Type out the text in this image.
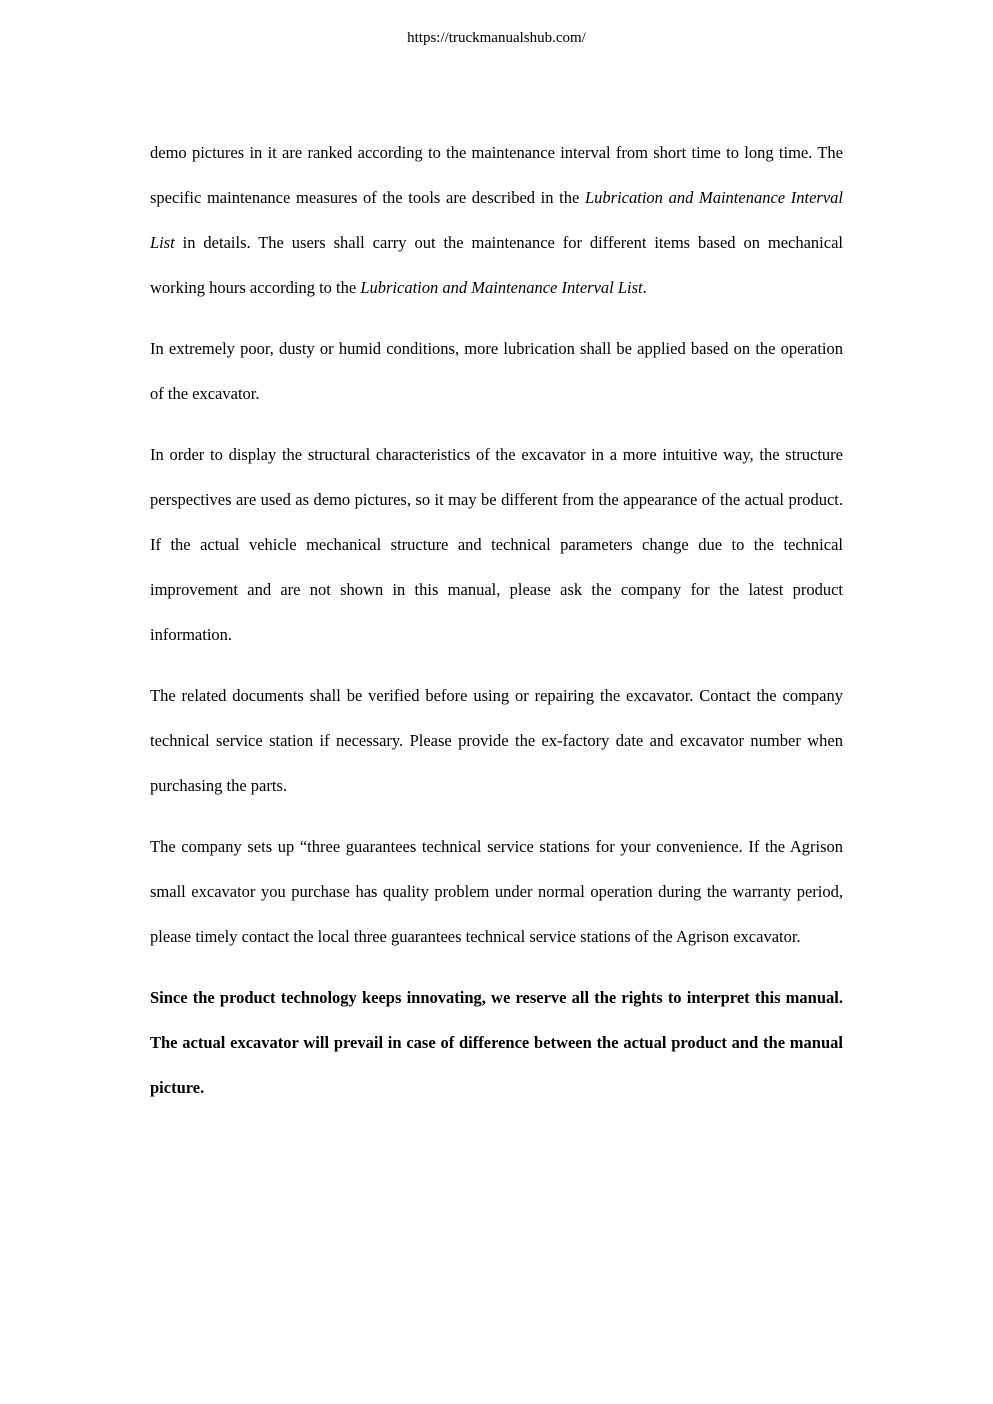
https://truckmanualshub.com/

demo pictures in it are ranked according to the maintenance interval from short time to long time. The specific maintenance measures of the tools are described in the Lubrication and Maintenance Interval List in details. The users shall carry out the maintenance for different items based on mechanical working hours according to the Lubrication and Maintenance Interval List.

In extremely poor, dusty or humid conditions, more lubrication shall be applied based on the operation of the excavator.

In order to display the structural characteristics of the excavator in a more intuitive way, the structure perspectives are used as demo pictures, so it may be different from the appearance of the actual product. If the actual vehicle mechanical structure and technical parameters change due to the technical improvement and are not shown in this manual, please ask the company for the latest product information.

The related documents shall be verified before using or repairing the excavator. Contact the company technical service station if necessary. Please provide the ex-factory date and excavator number when purchasing the parts.

The company sets up “three guarantees technical service stations for your convenience. If the Agrison small excavator you purchase has quality problem under normal operation during the warranty period, please timely contact the local three guarantees technical service stations of the Agrison excavator.

Since the product technology keeps innovating, we reserve all the rights to interpret this manual. The actual excavator will prevail in case of difference between the actual product and the manual picture.
